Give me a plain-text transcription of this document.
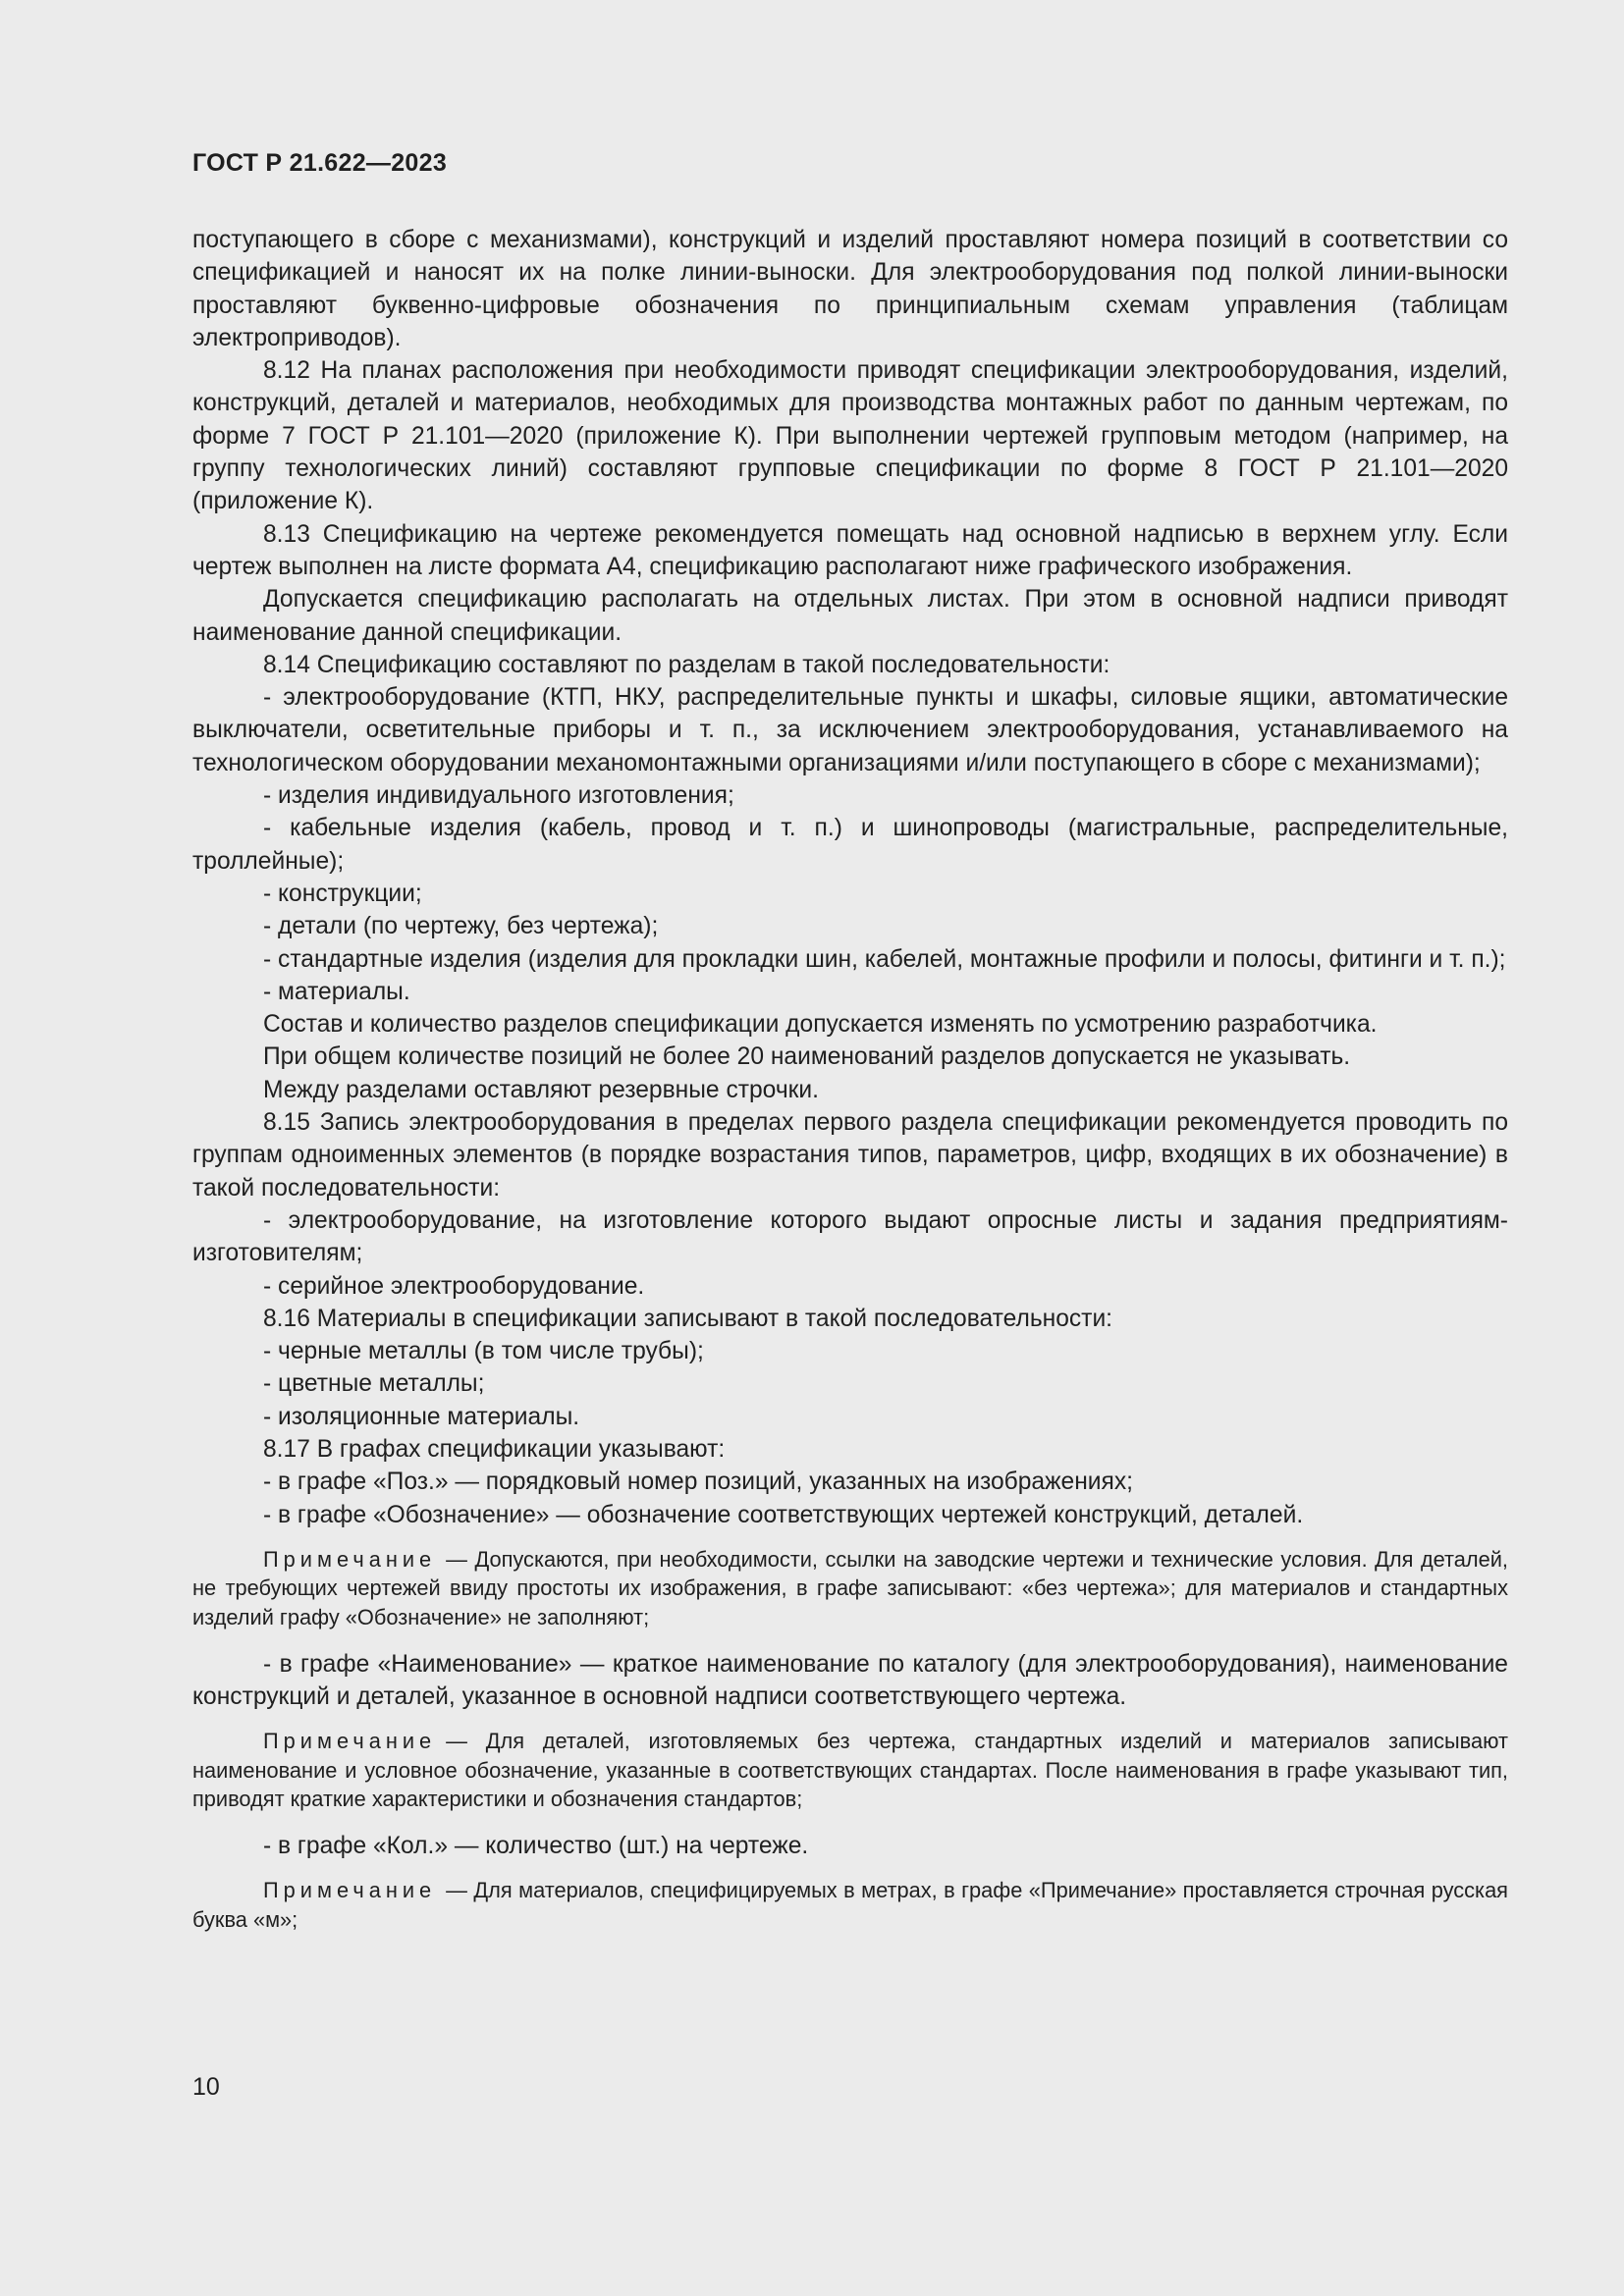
ГОСТ Р 21.622—2023

поступающего в сборе с механизмами), конструкций и изделий проставляют номера позиций в соответствии со спецификацией и наносят их на полке линии-выноски. Для электрооборудования под полкой линии-выноски проставляют буквенно-цифровые обозначения по принципиальным схемам управления (таблицам электроприводов).

8.12 На планах расположения при необходимости приводят спецификации электрооборудования, изделий, конструкций, деталей и материалов, необходимых для производства монтажных работ по данным чертежам, по форме 7 ГОСТ Р 21.101—2020 (приложение К). При выполнении чертежей групповым методом (например, на группу технологических линий) составляют групповые спецификации по форме 8 ГОСТ Р 21.101—2020 (приложение К).

8.13 Спецификацию на чертеже рекомендуется помещать над основной надписью в верхнем углу. Если чертеж выполнен на листе формата А4, спецификацию располагают ниже графического изображения.

Допускается спецификацию располагать на отдельных листах. При этом в основной надписи приводят наименование данной спецификации.

8.14 Спецификацию составляют по разделам в такой последовательности:

- электрооборудование (КТП, НКУ, распределительные пункты и шкафы, силовые ящики, автоматические выключатели, осветительные приборы и т. п., за исключением электрооборудования, устанавливаемого на технологическом оборудовании механомонтажными организациями и/или поступающего в сборе с механизмами);

- изделия индивидуального изготовления;

- кабельные изделия (кабель, провод и т. п.) и шинопроводы (магистральные, распределительные, троллейные);

- конструкции;

- детали (по чертежу, без чертежа);

- стандартные изделия (изделия для прокладки шин, кабелей, монтажные профили и полосы, фитинги и т. п.);

- материалы.

Состав и количество разделов спецификации допускается изменять по усмотрению разработчика.

При общем количестве позиций не более 20 наименований разделов допускается не указывать.

Между разделами оставляют резервные строчки.

8.15 Запись электрооборудования в пределах первого раздела спецификации рекомендуется проводить по группам одноименных элементов (в порядке возрастания типов, параметров, цифр, входящих в их обозначение) в такой последовательности:

- электрооборудование, на изготовление которого выдают опросные листы и задания предприятиям-изготовителям;

- серийное электрооборудование.

8.16 Материалы в спецификации записывают в такой последовательности:

- черные металлы (в том числе трубы);

- цветные металлы;

- изоляционные материалы.

8.17 В графах спецификации указывают:

- в графе «Поз.» — порядковый номер позиций, указанных на изображениях;

- в графе «Обозначение» — обозначение соответствующих чертежей конструкций, деталей.

Примечание — Допускаются, при необходимости, ссылки на заводские чертежи и технические условия. Для деталей, не требующих чертежей ввиду простоты их изображения, в графе записывают: «без чертежа»; для материалов и стандартных изделий графу «Обозначение» не заполняют;

- в графе «Наименование» — краткое наименование по каталогу (для электрооборудования), наименование конструкций и деталей, указанное в основной надписи соответствующего чертежа.

Примечание — Для деталей, изготовляемых без чертежа, стандартных изделий и материалов записывают наименование и условное обозначение, указанные в соответствующих стандартах. После наименования в графе указывают тип, приводят краткие характеристики и обозначения стандартов;

- в графе «Кол.» — количество (шт.) на чертеже.

Примечание — Для материалов, специфицируемых в метрах, в графе «Примечание» проставляется строчная русская буква «м»;

10
